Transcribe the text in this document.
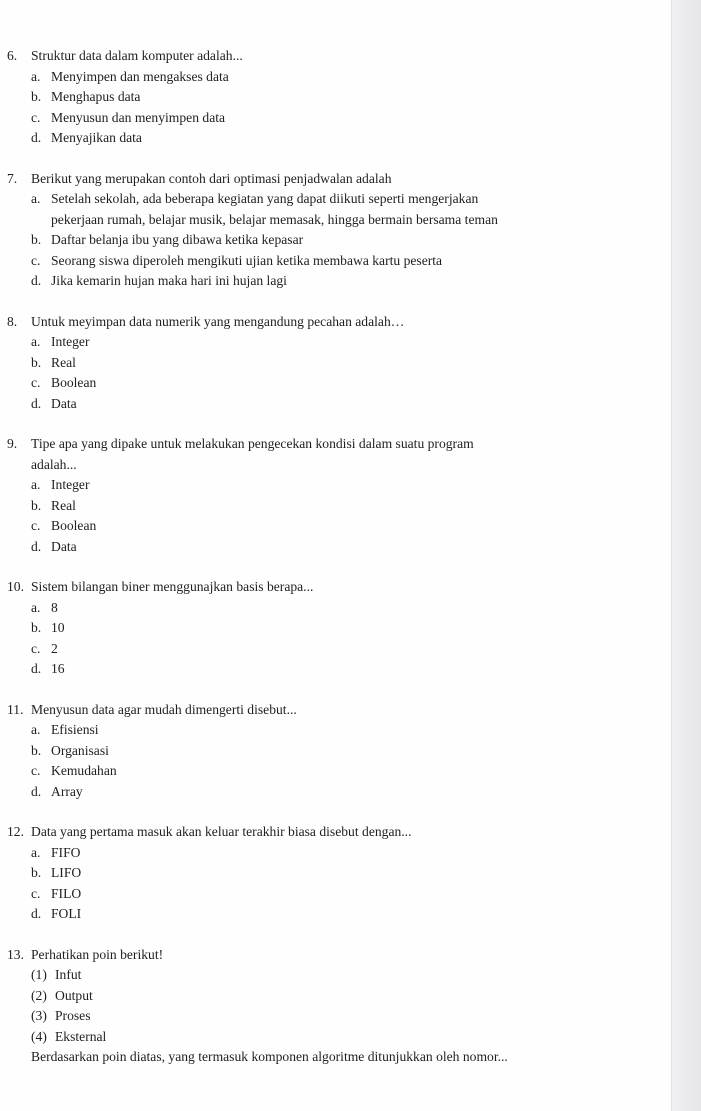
6.	Struktur data dalam komputer adalah...
a. Menyimpen dan mengakses data
b. Menghapus data
c. Menyusun dan menyimpen data
d. Menyajikan data
7.	Berikut yang merupakan contoh dari optimasi penjadwalan adalah
a. Setelah sekolah, ada beberapa kegiatan yang dapat diikuti seperti mengerjakan
pekerjaan rumah, belajar musik, belajar memasak, hingga bermain bersama teman
b. Daftar belanja ibu yang dibawa ketika kepasar
c. Seorang siswa diperoleh mengikuti ujian ketika membawa kartu peserta
d. Jika kemarin hujan maka hari ini hujan lagi
8.	Untuk meyimpan data numerik yang mengandung pecahan adalah…
a. Integer
b. Real
c. Boolean
d. Data
9.	Tipe apa yang dipake untuk melakukan pengecekan kondisi dalam suatu program
adalah...
a. Integer
b. Real
c. Boolean
d. Data
10. Sistem bilangan biner menggunajkan basis berapa...
a. 8
b. 10
c. 2
d. 16
11. Menyusun data agar mudah dimengerti disebut...
a. Efisiensi
b. Organisasi
c. Kemudahan
d. Array
12. Data yang pertama masuk akan keluar terakhir biasa disebut dengan...
a. FIFO
b. LIFO
c. FILO
d. FOLI
13. Perhatikan poin berikut!
(1) Infut
(2) Output
(3) Proses
(4) Eksternal
Berdasarkan poin diatas, yang termasuk komponen algoritme ditunjukkan oleh nomor...
